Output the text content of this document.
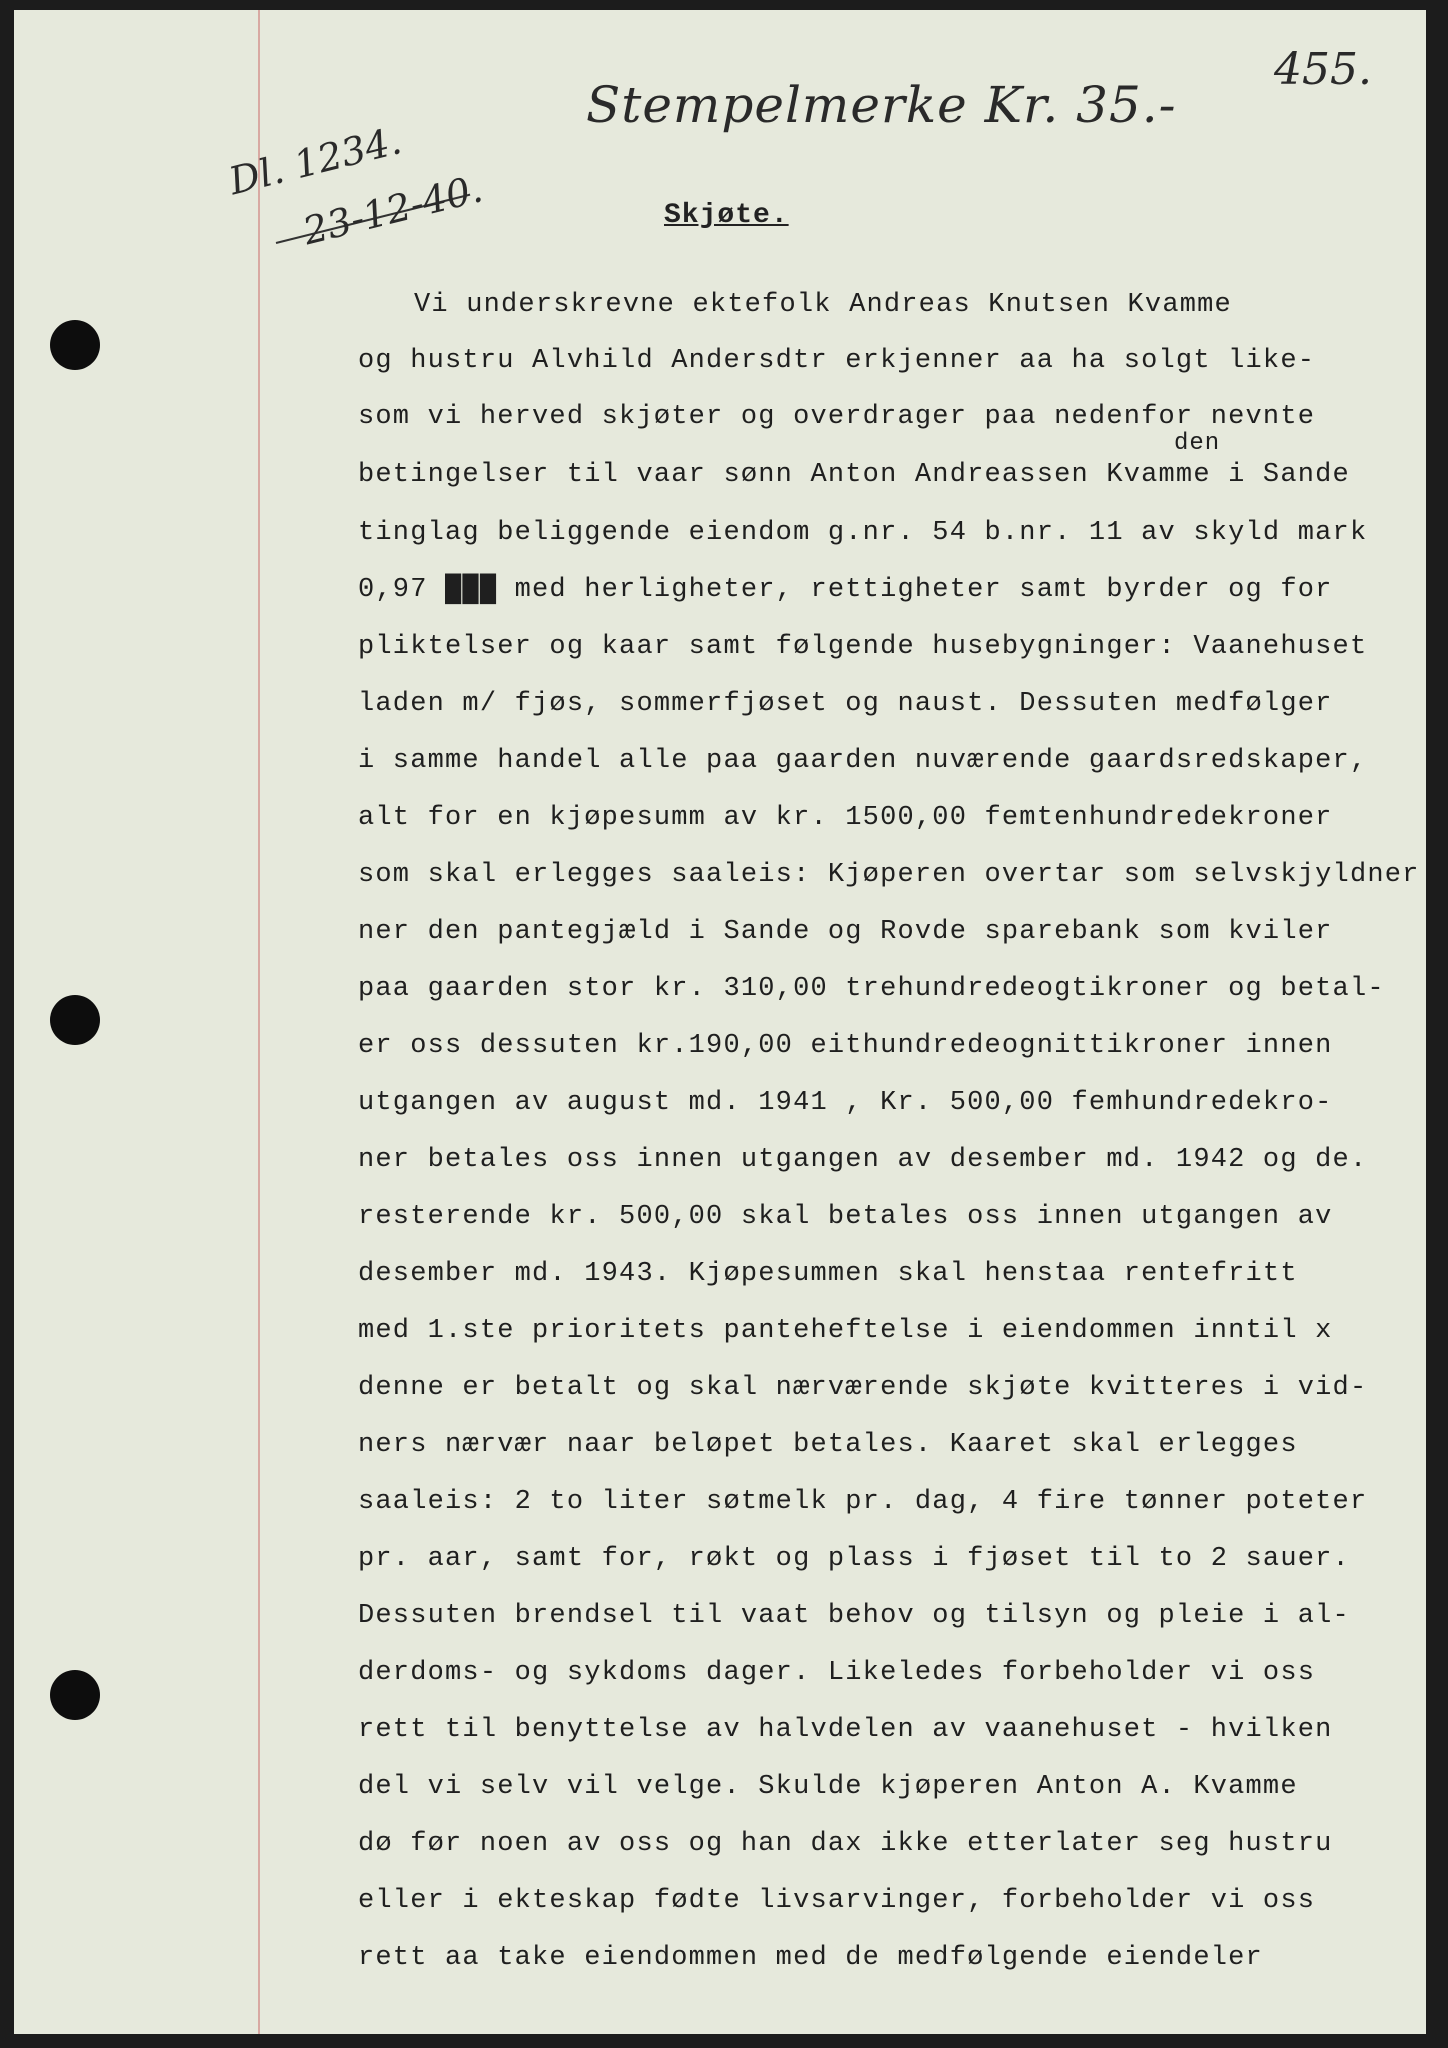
455.
Stempelmerke Kr. 35.-
Dl. 1234.
23-12-40.	Skjøte.
den
Vi underskrevne ektefolk Andreas Knutsen Kvamme
og hustru Alvhild Andersdtr erkjenner aa ha solgt like-
som vi herved skjøter og overdrager paa nedenfor nevnte
betingelser til vaar sønn Anton Andreassen Kvamme i Sande
tinglag beliggende eiendom g.nr. 54 b.nr. 11 av skyld mark
0,97 ███ med herligheter, rettigheter samt byrder og for
pliktelser og kaar samt følgende husebygninger: Vaanehuset
laden m/ fjøs, sommerfjøset og naust. Dessuten medfølger
i samme handel alle paa gaarden nuværende gaardsredskaper,
alt for en kjøpesumm av kr. 1500,00 femtenhundredekroner
som skal erlegges saaleis: Kjøperen overtar som selvskjyldner
ner den pantegjæld i Sande og Rovde sparebank som kviler
paa gaarden stor kr. 310,00 trehundredeogtikroner og betal-
er oss dessuten kr.190,00 eithundredeognittikroner innen
utgangen av august md. 1941 , Kr. 500,00 femhundredekro-
ner betales oss innen utgangen av desember md. 1942 og de.
resterende kr. 500,00 skal betales oss innen utgangen av
desember md. 1943. Kjøpesummen skal henstaa rentefritt
med 1.ste prioritets panteheftelse i eiendommen inntil x
denne er betalt og skal nærværende skjøte kvitteres i vid-
ners nærvær naar beløpet betales. Kaaret skal erlegges
saaleis: 2 to liter søtmelk pr. dag, 4 fire tønner poteter
pr. aar, samt for, røkt og plass i fjøset til to 2 sauer.
Dessuten brendsel til vaat behov og tilsyn og pleie i al-
derdoms- og sykdoms dager. Likeledes forbeholder vi oss
rett til benyttelse av halvdelen av vaanehuset - hvilken
del vi selv vil velge. Skulde kjøperen Anton A. Kvamme
dø før noen av oss og han dax ikke etterlater seg hustru
eller i ekteskap fødte livsarvinger, forbeholder vi oss
rett aa take eiendommen med de medfølgende eiendeler
